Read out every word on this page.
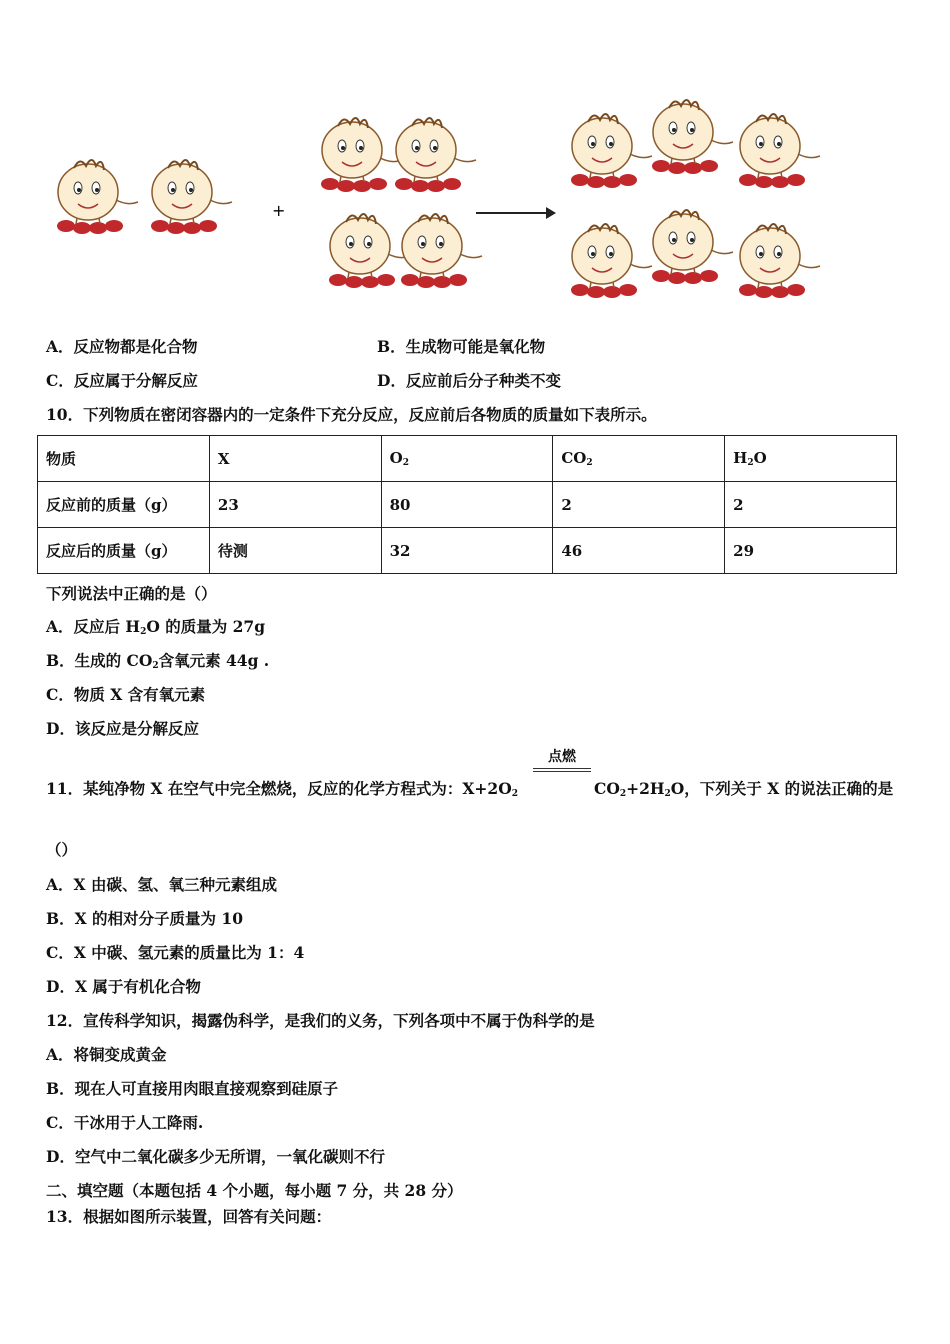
+
A．反应物都是化合物	B．生成物可能是氧化物
C．反应属于分解反应	D．反应前后分子种类不变
10．下列物质在密闭容器内的一定条件下充分反应，反应前后各物质的质量如下表所示。
物质	X	$O_2$	$CO_2$	$H_2O$
反应前的质量（g）	23	80	2	2
反应后的质量（g）	待测	32	46	29
下列说法中正确的是（）
A．反应后 $H_2O$ 的质量为 27g
B．生成的 $CO_2$含氧元素 44g .
C．物质 X 含有氧元素
D．该反应是分解反应
点燃
11．某纯净物 X 在空气中完全燃烧，反应的化学方程式为：$X+2O_2$	$CO_2+2H_2O$，下列关于 X 的说法正确的是
（）
A．X 由碳、氢、氧三种元素组成
B．X 的相对分子质量为 10
C．X 中碳、氢元素的质量比为 1：4
D．X 属于有机化合物
12．宣传科学知识，揭露伪科学，是我们的义务，下列各项中不属于伪科学的是
A．将铜变成黄金
B．现在人可直接用肉眼直接观察到硅原子
C．干冰用于人工降雨.
D．空气中二氧化碳多少无所谓，一氧化碳则不行
二、填空题（本题包括 4 个小题，每小题 7 分，共 28 分）
13．根据如图所示装置，回答有关问题：
